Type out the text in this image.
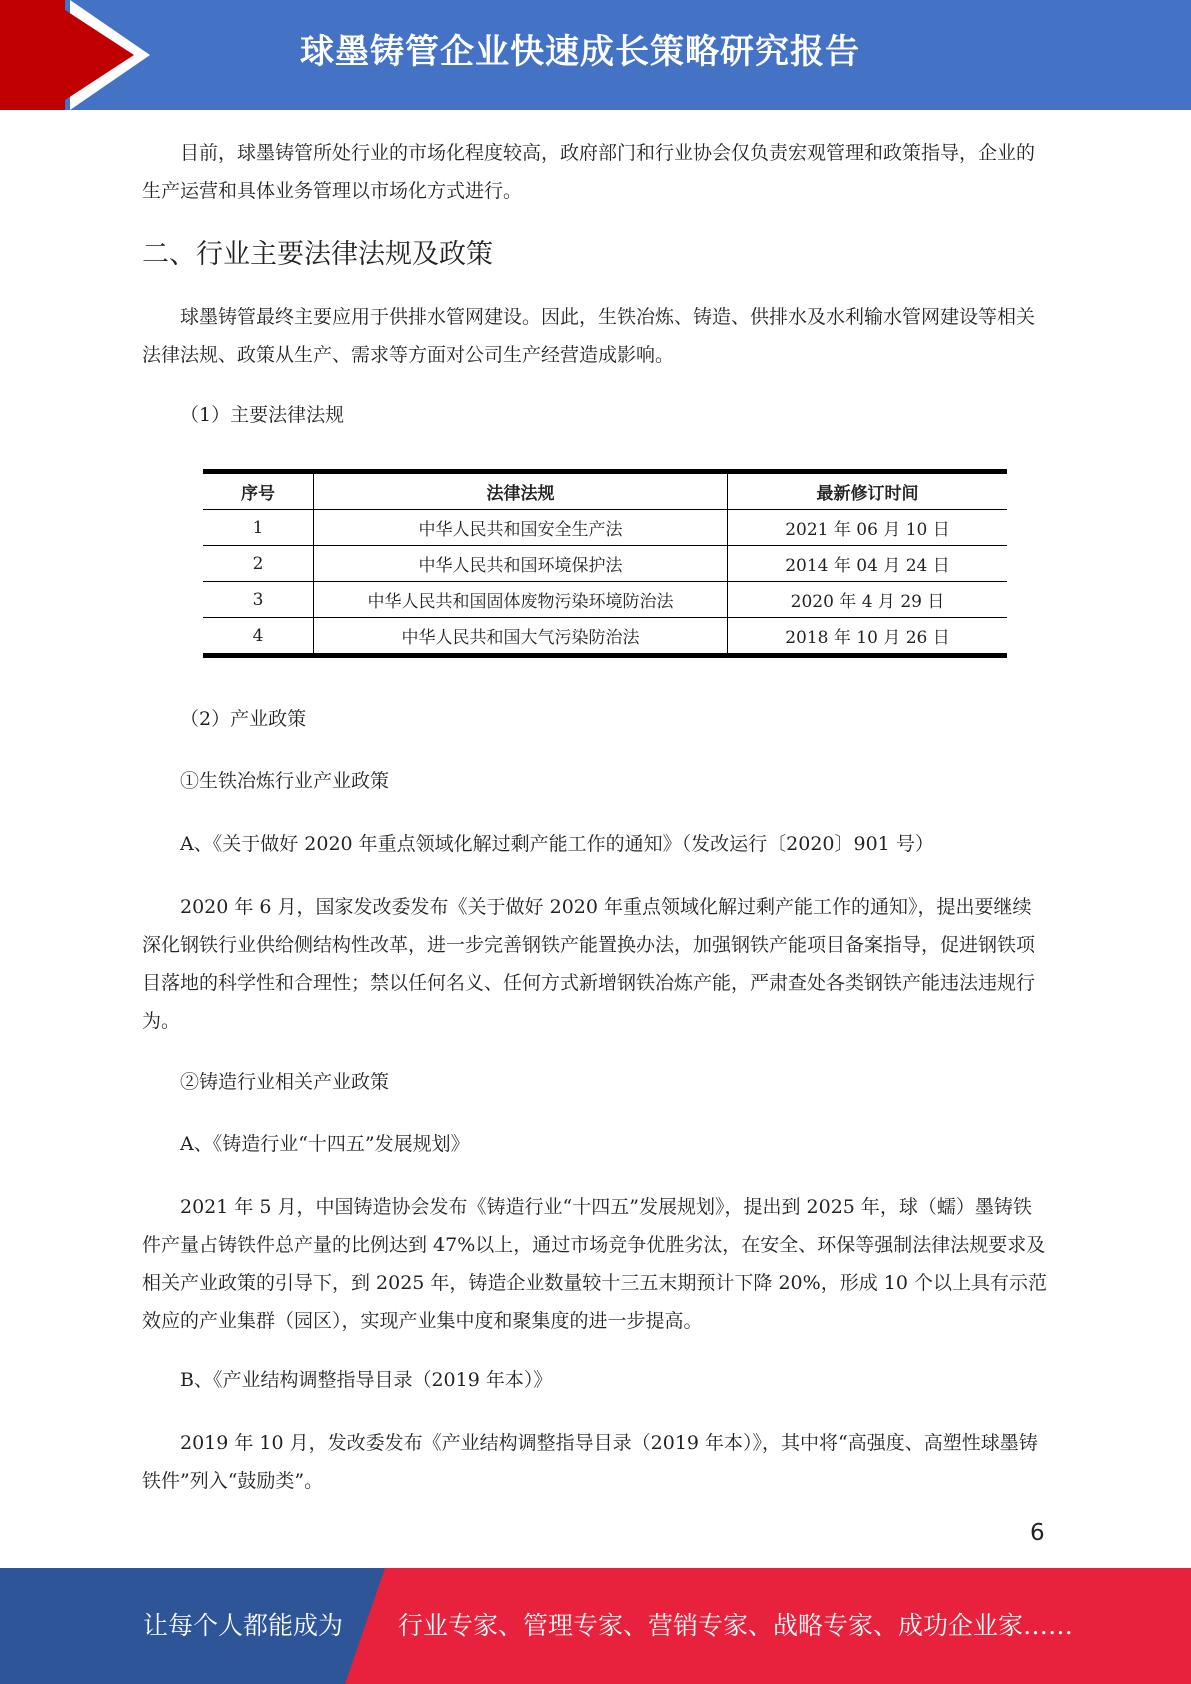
球墨铸管企业快速成长策略研究报告

目前，球墨铸管所处行业的市场化程度较高，政府部门和行业协会仅负责宏观管理和政策指导，企业的生产运营和具体业务管理以市场化方式进行。

二、行业主要法律法规及政策

球墨铸管最终主要应用于供排水管网建设。因此，生铁冶炼、铸造、供排水及水利输水管网建设等相关法律法规、政策从生产、需求等方面对公司生产经营造成影响。

（1）主要法律法规

序号	法律法规	最新修订时间
1	中华人民共和国安全生产法	2021 年 06 月 10 日
2	中华人民共和国环境保护法	2014 年 04 月 24 日
3	中华人民共和国固体废物污染环境防治法	2020 年 4 月 29 日
4	中华人民共和国大气污染防治法	2018 年 10 月 26 日

（2）产业政策

①生铁冶炼行业产业政策

A、《关于做好 2020 年重点领域化解过剩产能工作的通知》（发改运行〔2020〕901 号）

2020 年 6 月，国家发改委发布《关于做好 2020 年重点领域化解过剩产能工作的通知》，提出要继续深化钢铁行业供给侧结构性改革，进一步完善钢铁产能置换办法，加强钢铁产能项目备案指导，促进钢铁项目落地的科学性和合理性；禁以任何名义、任何方式新增钢铁冶炼产能，严肃查处各类钢铁产能违法违规行为。

②铸造行业相关产业政策

A、《铸造行业“十四五”发展规划》

2021 年 5 月，中国铸造协会发布《铸造行业“十四五”发展规划》，提出到 2025 年，球（蠕）墨铸铁件产量占铸铁件总产量的比例达到 47%以上，通过市场竞争优胜劣汰，在安全、环保等强制法律法规要求及相关产业政策的引导下，到 2025 年，铸造企业数量较十三五末期预计下降 20%，形成 10 个以上具有示范效应的产业集群（园区），实现产业集中度和聚集度的进一步提高。

B、《产业结构调整指导目录（2019 年本）》

2019 年 10 月，发改委发布《产业结构调整指导目录（2019 年本）》，其中将“高强度、高塑性球墨铸铁件”列入“鼓励类”。

6
让每个人都能成为 行业专家、管理专家、营销专家、战略专家、成功企业家……
